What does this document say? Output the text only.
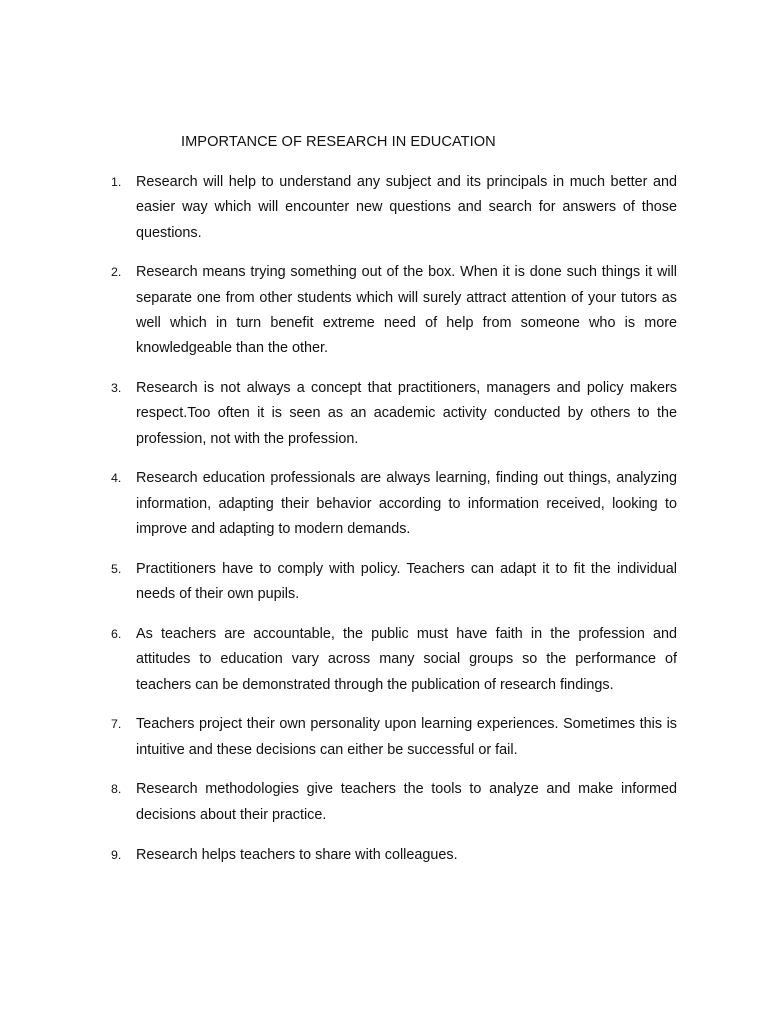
IMPORTANCE OF RESEARCH IN EDUCATION
1.	Research will help to understand any subject and its principals in much better and easier way which will encounter new questions and search for answers of those questions.
2.	Research means trying something out of the box. When it is done such things it will separate one from other students which will surely attract attention of your tutors as well which in turn benefit extreme need of help from someone who is more knowledgeable than the other.
3.	Research is not always a concept that practitioners, managers and policy makers respect.Too often it is seen as an academic activity conducted by others to the profession, not with the profession.
4.	Research education professionals are always learning, finding out things, analyzing information, adapting their behavior according to information received, looking to improve and adapting to modern demands.
5.	Practitioners have to comply with policy. Teachers can adapt it to fit the individual needs of their own pupils.
6.	As teachers are accountable, the public must have faith in the profession and attitudes to education vary across many social groups so the performance of teachers can be demonstrated through the publication of research findings.
7.	Teachers project their own personality upon learning experiences. Sometimes this is intuitive and these decisions can either be successful or fail.
8.	Research methodologies give teachers the tools to analyze and make informed decisions about their practice.
9.	Research helps teachers to share with colleagues.
